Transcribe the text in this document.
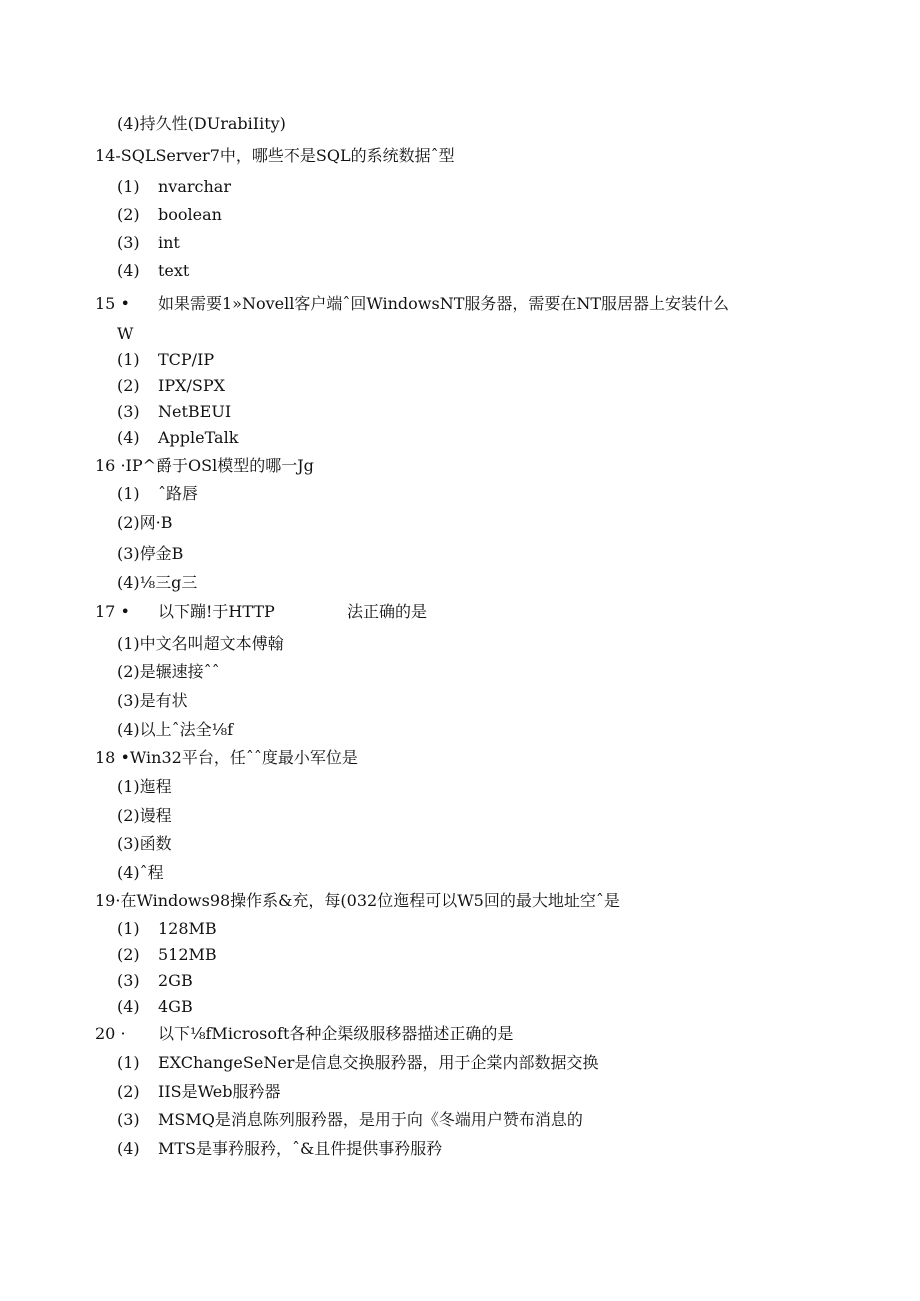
(4)持久性(DUrabiIity)
14-SQLServer7中，哪些不是SQL的系统数据ˆ型
(1) nvarchar
(2) boolean
(3) int
(4) text
15 • 如果需要1»Novell客户端ˆ回WindowsNT服务器，需要在NT服居器上安装什么
W
(1) TCP/IP
(2) IPX/SPX
(3) NetBEUI
(4) AppleTalk
16 ·IP^爵于OSl模型的哪一Jg
(1) ˆ路唇
(2)网·B
(3)停金B
(4)⅛三g三
17 • 以下蹦!于HTTP	法正确的是
(1)中文名叫超文本傅翰
(2)是辗速接ˆˆ
(3)是有状
(4)以上ˆ法全⅛f
18 •Win32平台，任ˆˆ度最小军位是
(1)迤程
(2)谩程
(3)函数
(4)ˆ程
19·在Windows98操作系&充，每(032位迤程可以W5回的最大地址空ˆ是
(1) 128MB
(2) 512MB
(3) 2GB
(4) 4GB
20 · 以下⅛fMicrosoft各种企渠级服移器描述正确的是
(1) EXChangeSeNer是信息交换服矜器，用于企棠内部数据交换
(2) IIS是Web服矜器
(3) MSMQ是消息陈列服矜器，是用于向《冬端用户赞布消息的
(4) MTS是事矜服矜，ˆ&且件提供事矜服矜
